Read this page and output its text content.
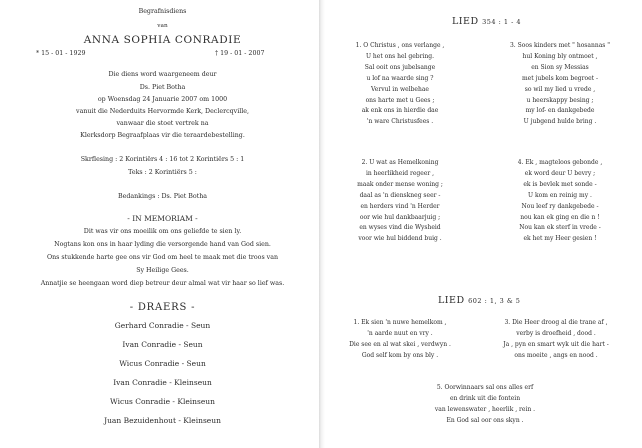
Begrafnisdiens
van
ANNA SOPHIA CONRADIE
* 15 - 01 - 1929	† 19 - 01 - 2007
Die diens word waargeneem deur
Ds. Piet Botha
op Woensdag 24 Januarie 2007 om 1000
vanuit die Nederduits Hervormde Kerk, Declercqville,
vanwaar die stoet vertrek na
Klerksdorp Begraafplaas vir die teraardebestelling.
Skrflesing : 2 Korintiërs 4 : 16 tot 2 Korintiërs 5 : 1
Teks : 2 Korintiërs 5 :
Bedankings : Ds. Piet Botha
- IN MEMORIAM -
Dit was vir ons moeilik om ons geliefde te sien ly.
Nogtans kon ons in haar lyding die versorgende hand van God sien.
Ons stukkende harte gee ons vir God om heel te maak met die troos van
Sy Heilige Gees.
Annatjie se heengaan word diep betreur deur almal wat vir haar so lief was.
- DRAERS -
Gerhard Conradie - Seun
Ivan Conradie - Seun
Wicus Conradie - Seun
Ivan Conradie - Kleinseun
Wicus Conradie - Kleinseun
Juan Bezuidenhout - Kleinseun
LIED 354 : 1 - 4
1. O Christus , ons verlange ,
U het ons hel gebring.
Sal ooit ons jubelsange
u lof na waarde sing ?
Vervul in welbehae
ons harte met u Gees ;
ak enk ons in hierdie dae
'n ware Christusfees .
3. Soos kinders met " hosannas "
hul Koning bly ontmoet ,
en Sion sy Messias
met jubels kom begroet -
so wil my lied u vrede ,
u heerskappy besing ;
my lof- en dankgebede
U jubgend hulde bring .
2. U wat as Hemelkoning
in heerlikheid regeer ,
maak onder mense woning ;
daal as 'n dienskneg seer -
en herders vind 'n Herder
oor wie hul dankbaarjuig ;
en wyses vind die Wysheid
voor wie hul biddend buig .
4. Ek , magteloos gebonde ,
ek word deur U bevry ;
ek is bevlek met sonde -
U kom en reinig my .
Nou leef ry dankgebede -
nou kan ek ging en die n !
Nou kan ek sterf in vrede -
ek het my Heer gesien !
LIED 602 : 1, 3 & 5
1. Ek sien 'n nuwe hemelkom ,
'n aarde nuut en vry .
Die see en al wat skei , verdwyn .
God self kom by ons bly .
3. Die Heer droog al die trane af ,
verby is droefheid , dood .
Ja , pyn en smart wyk uit die hart -
ons moeite , angs en nood .
5. Oorwinnaars sal ons alles erf
en drink uit die fontein
van lewenswater , heerlik , rein .
En God sal oor ons skyn .
